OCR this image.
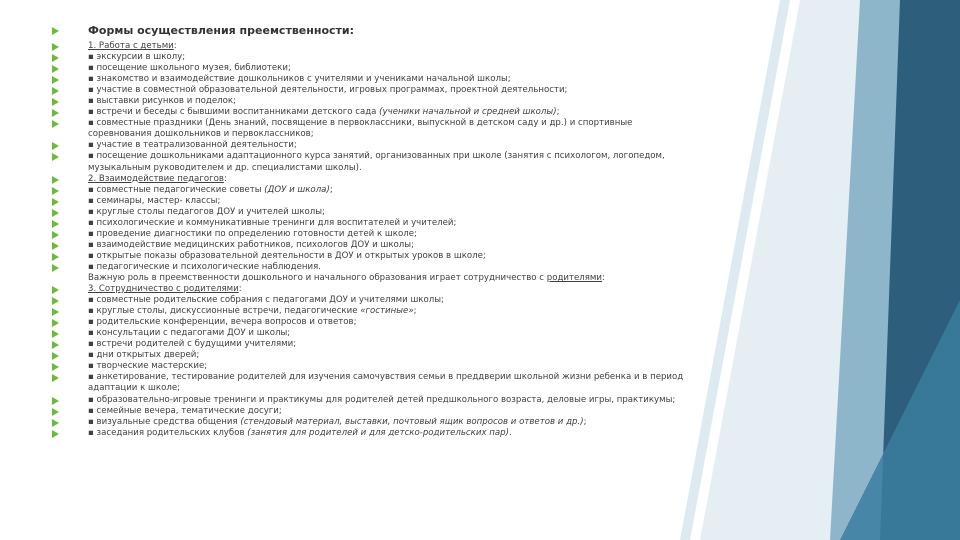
Формы осуществления преемственности:
1. Работа с детьми:
▪ экскурсии в школу;
▪ посещение школьного музея, библиотеки;
▪ знакомство и взаимодействие дошкольников с учителями и учениками начальной школы;
▪ участие в совместной образовательной деятельности, игровых программах, проектной деятельности;
▪ выставки рисунков и поделок;
▪ встречи и беседы с бывшими воспитанниками детского сада (ученики начальной и средней школы);
▪ совместные праздники (День знаний, посвящение в первоклассники, выпускной в детском саду и др.) и спортивные
соревнования дошкольников и первоклассников;
▪ участие в театрализованной деятельности;
▪ посещение дошкольниками адаптационного курса занятий, организованных при школе (занятия с психологом, логопедом,
музыкальным руководителем и др. специалистами школы).
2. Взаимодействие педагогов:
▪ совместные педагогические советы (ДОУ и школа);
▪ семинары, мастер- классы;
▪ круглые столы педагогов ДОУ и учителей школы;
▪ психологические и коммуникативные тренинги для воспитателей и учителей;
▪ проведение диагностики по определению готовности детей к школе;
▪ взаимодействие медицинских работников, психологов ДОУ и школы;
▪ открытые показы образовательной деятельности в ДОУ и открытых уроков в школе;
▪ педагогические и психологические наблюдения.
Важную роль в преемственности дошкольного и начального образования играет сотрудничество с родителями:
3. Сотрудничество с родителями:
▪ совместные родительские собрания с педагогами ДОУ и учителями школы;
▪ круглые столы, дискуссионные встречи, педагогические «гостиные»;
▪ родительские конференции, вечера вопросов и ответов;
▪ консультации с педагогами ДОУ и школы;
▪ встречи родителей с будущими учителями;
▪ дни открытых дверей;
▪ творческие мастерские;
▪ анкетирование, тестирование родителей для изучения самочувствия семьи в преддверии школьной жизни ребенка и в период
адаптации к школе;
▪ образовательно-игровые тренинги и практикумы для родителей детей предшкольного возраста, деловые игры, практикумы;
▪ семейные вечера, тематические досуги;
▪ визуальные средства общения (стендовый материал, выставки, почтовый ящик вопросов и ответов и др.);
▪ заседания родительских клубов (занятия для родителей и для детско-родительских пар).
